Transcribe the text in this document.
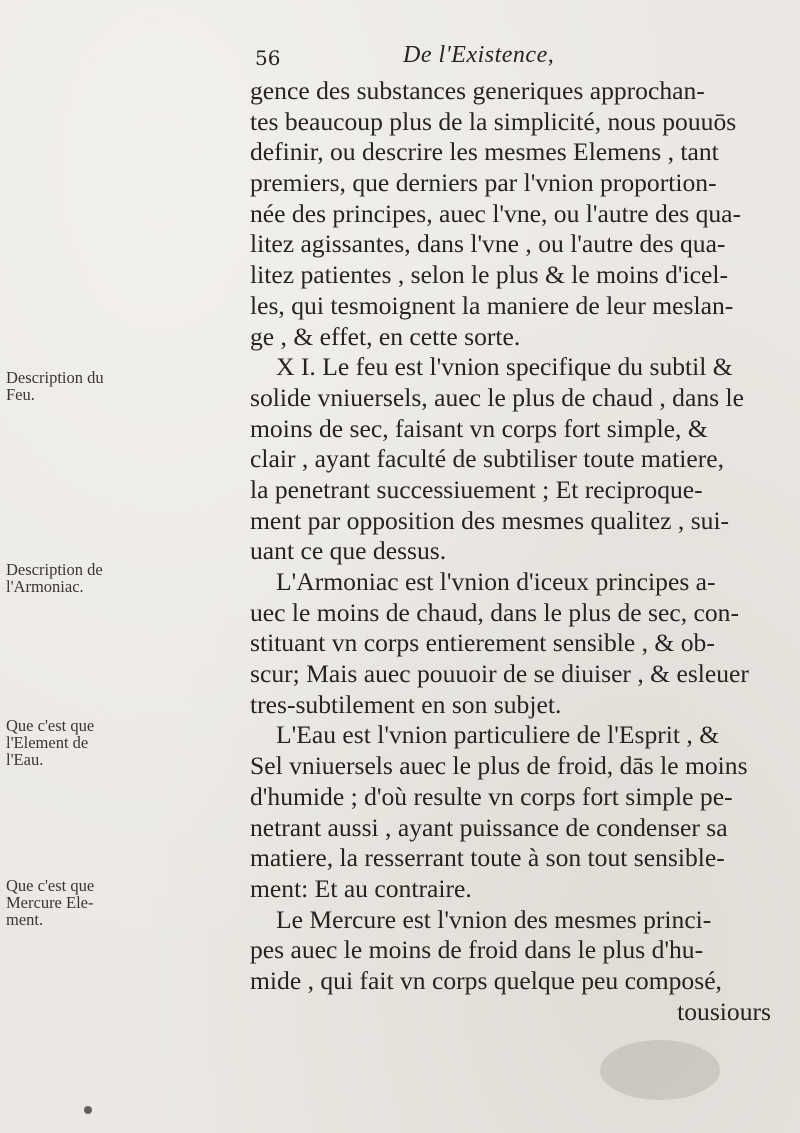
56	De l'Existence,
gence des substances generiques approchan-
tes beaucoup plus de la simplicité, nous pouuōs
definir, ou descrire les mesmes Elemens , tant
premiers, que derniers par l'vnion proportion-
née des principes, auec l'vne, ou l'autre des qua-
litez agissantes, dans l'vne , ou l'autre des qua-
litez patientes , selon le plus & le moins d'icel-
les, qui tesmoignent la maniere de leur meslan-
ge , & effet, en cette sorte.
X I. Le feu est l'vnion specifique du subtil &
solide vniuersels, auec le plus de chaud , dans le
moins de sec, faisant vn corps fort simple, &
clair , ayant faculté de subtiliser toute matiere,
la penetrant successiuement ; Et reciproque-
ment par opposition des mesmes qualitez , sui-
uant ce que dessus.
L'Armoniac est l'vnion d'iceux principes a-
uec le moins de chaud, dans le plus de sec, con-
stituant vn corps entierement sensible , & ob-
scur; Mais auec pouuoir de se diuiser , & esleuer
tres-subtilement en son subjet.
L'Eau est l'vnion particuliere de l'Esprit , &
Sel vniuersels auec le plus de froid, dās le moins
d'humide ; d'où resulte vn corps fort simple pe-
netrant aussi , ayant puissance de condenser sa
matiere, la resserrant toute à son tout sensible-
ment: Et au contraire.
Le Mercure est l'vnion des mesmes princi-
pes auec le moins de froid dans le plus d'hu-
mide , qui fait vn corps quelque peu composé,
tousiours
Description du
Feu.
Description de
l'Armoniac.
Que c'est que
l'Element de
l'Eau.
Que c'est que
Mercure Ele-
ment.
